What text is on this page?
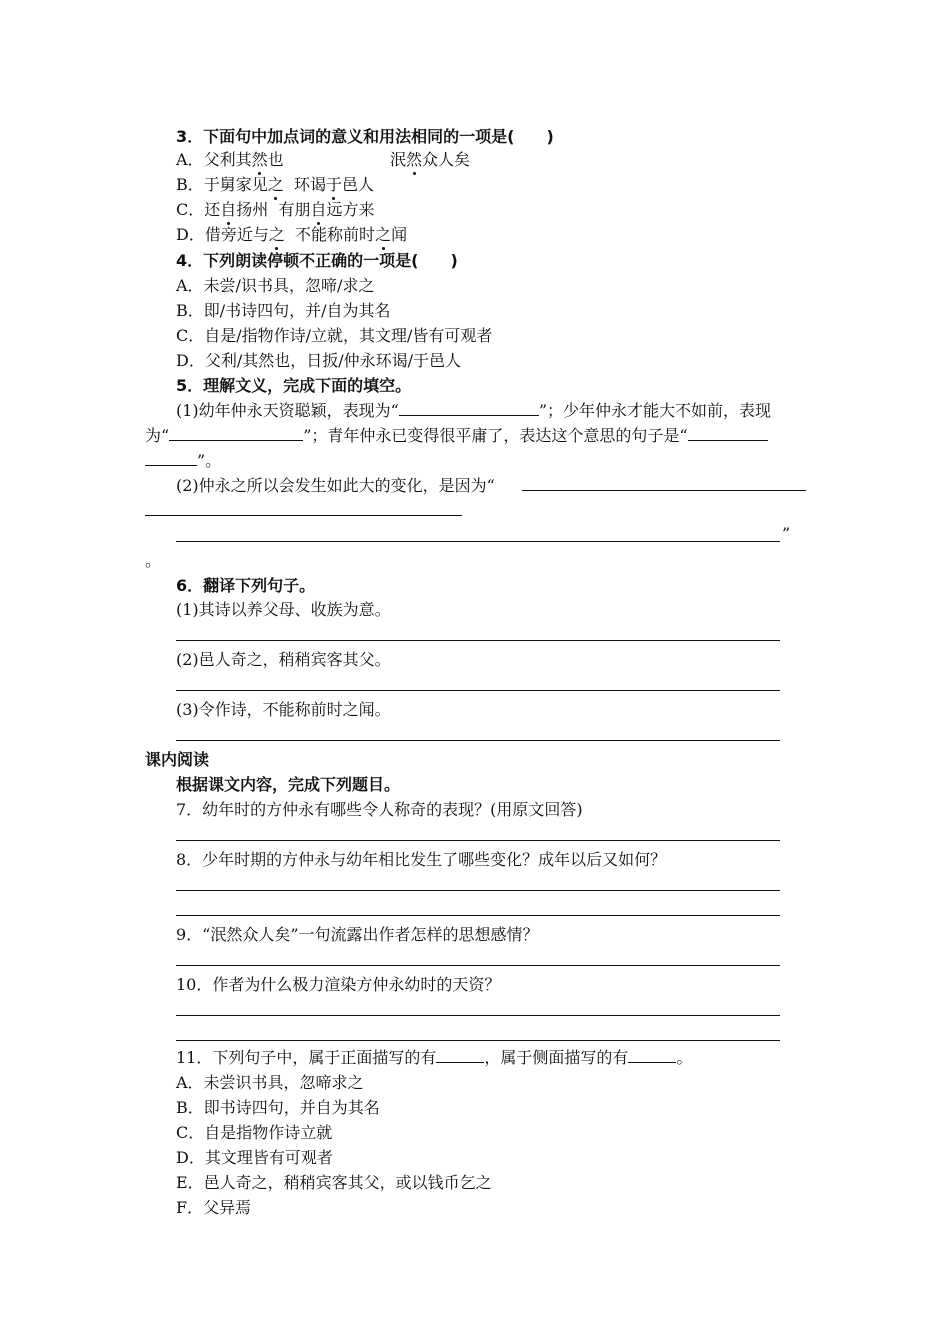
3．下面句中加点词的意义和用法相同的一项是(　　)
A．父利其然也	泯然众人矣
B．于舅家见之 环谒于邑人
C．还自扬州 有朋自远方来
D．借旁近与之 不能称前时之闻
4．下列朗读停顿不正确的一项是(　　)
A．未尝/识书具，忽啼/求之
B．即/书诗四句，并/自为其名
C．自是/指物作诗/立就，其文理/皆有可观者
D．父利/其然也，日扳/仲永环谒/于邑人
5．理解文义，完成下面的填空。
(1)幼年仲永天资聪颖，表现为“	”；少年仲永才能大不如前，表现
为“	”；青年仲永已变得很平庸了，表达这个意思的句子是“
”。
(2)仲永之所以会发生如此大的变化，是因为“
”
。
6．翻译下列句子。
(1)其诗以养父母、收族为意。
(2)邑人奇之，稍稍宾客其父。
(3)令作诗，不能称前时之闻。
课内阅读
根据课文内容，完成下列题目。
7．幼年时的方仲永有哪些令人称奇的表现？(用原文回答)
8．少年时期的方仲永与幼年相比发生了哪些变化？成年以后又如何？
9．“泯然众人矣”一句流露出作者怎样的思想感情？
10．作者为什么极力渲染方仲永幼时的天资？
11．下列句子中，属于正面描写的有	，属于侧面描写的有	。
A．未尝识书具，忽啼求之
B．即书诗四句，并自为其名
C．自是指物作诗立就
D．其文理皆有可观者
E．邑人奇之，稍稍宾客其父，或以钱币乞之
F．父异焉
